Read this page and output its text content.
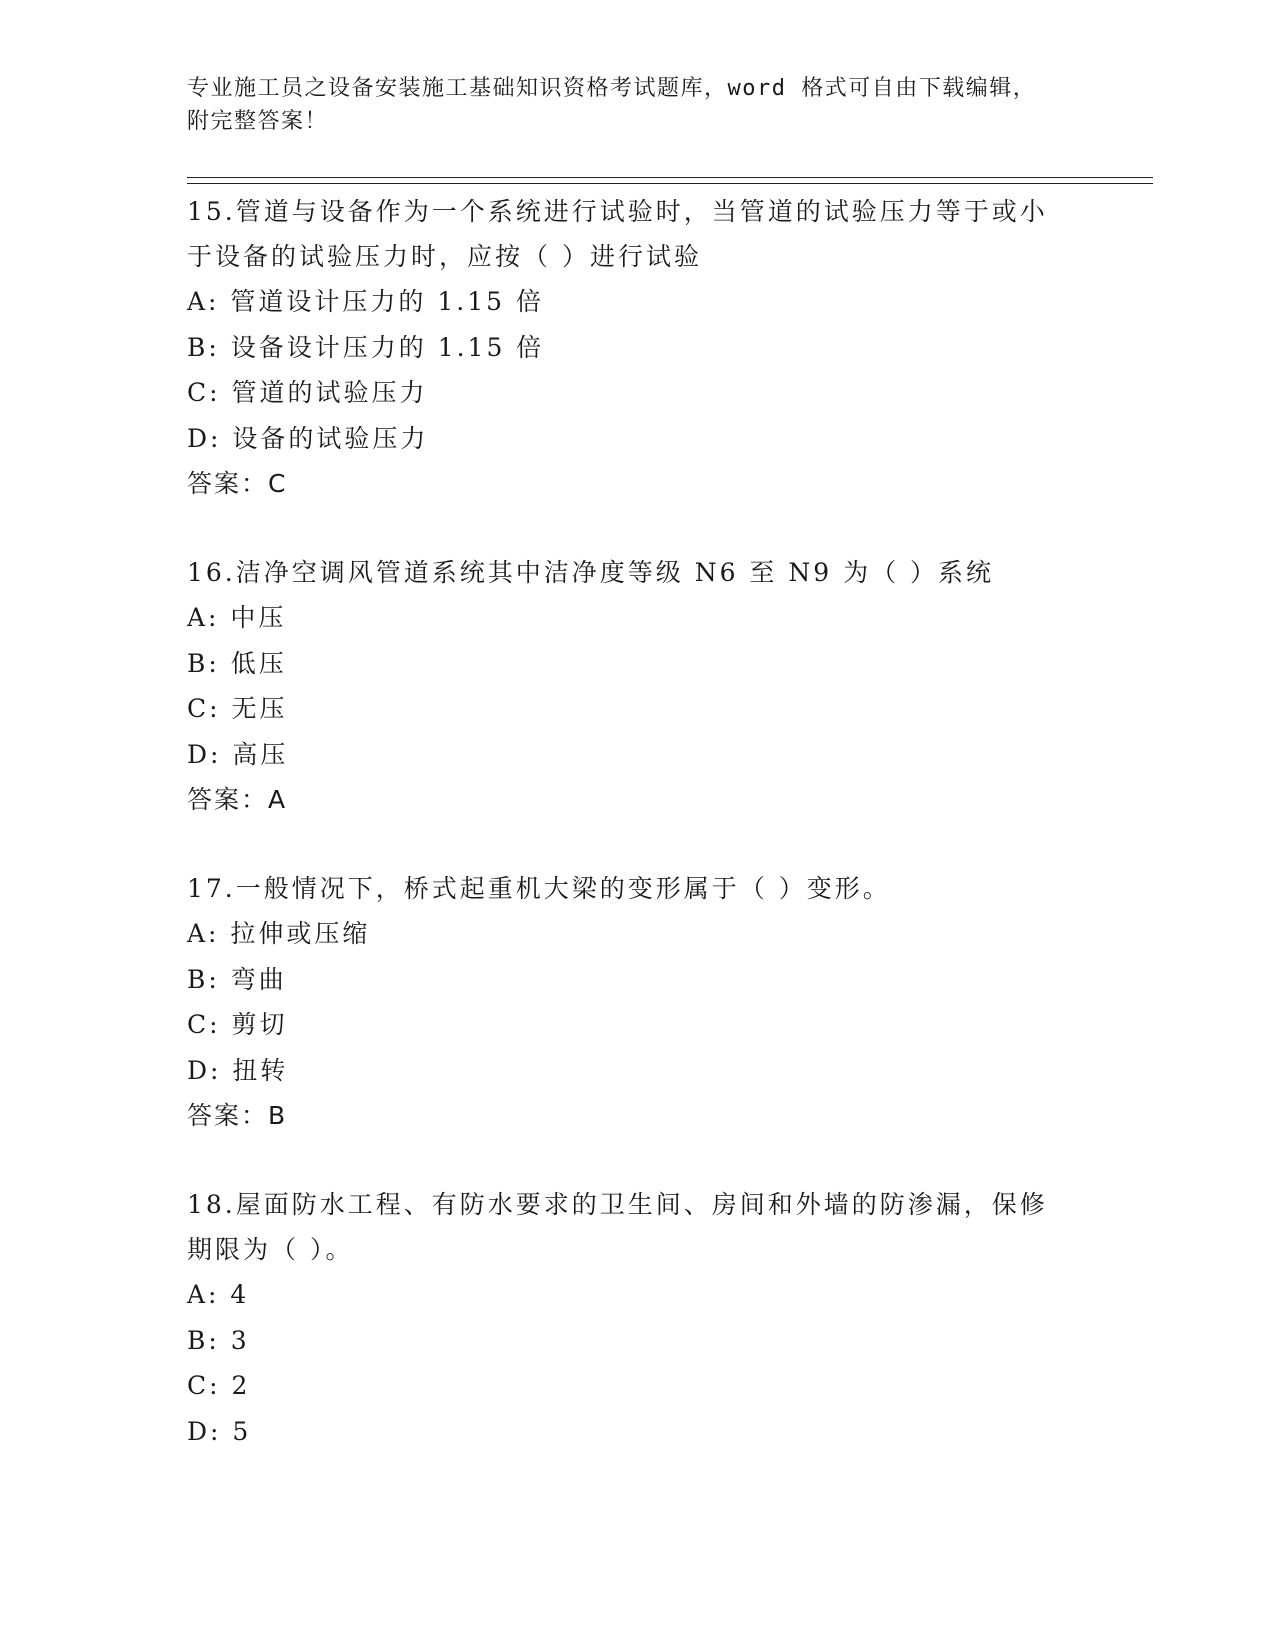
专业施工员之设备安装施工基础知识资格考试题库，word 格式可自由下载编辑，
附完整答案！
15.管道与设备作为一个系统进行试验时，当管道的试验压力等于或小
于设备的试验压力时，应按（ ）进行试验
A: 管道设计压力的 1.15 倍
B: 设备设计压力的 1.15 倍
C: 管道的试验压力
D: 设备的试验压力
答案：C
16.洁净空调风管道系统其中洁净度等级 N6 至 N9 为（ ）系统
A: 中压
B: 低压
C: 无压
D: 高压
答案：A
17.一般情况下，桥式起重机大梁的变形属于（ ）变形。
A: 拉伸或压缩
B: 弯曲
C: 剪切
D: 扭转
答案：B
18.屋面防水工程、有防水要求的卫生间、房间和外墙的防渗漏，保修
期限为（ ）。
A: 4
B: 3
C: 2
D: 5
